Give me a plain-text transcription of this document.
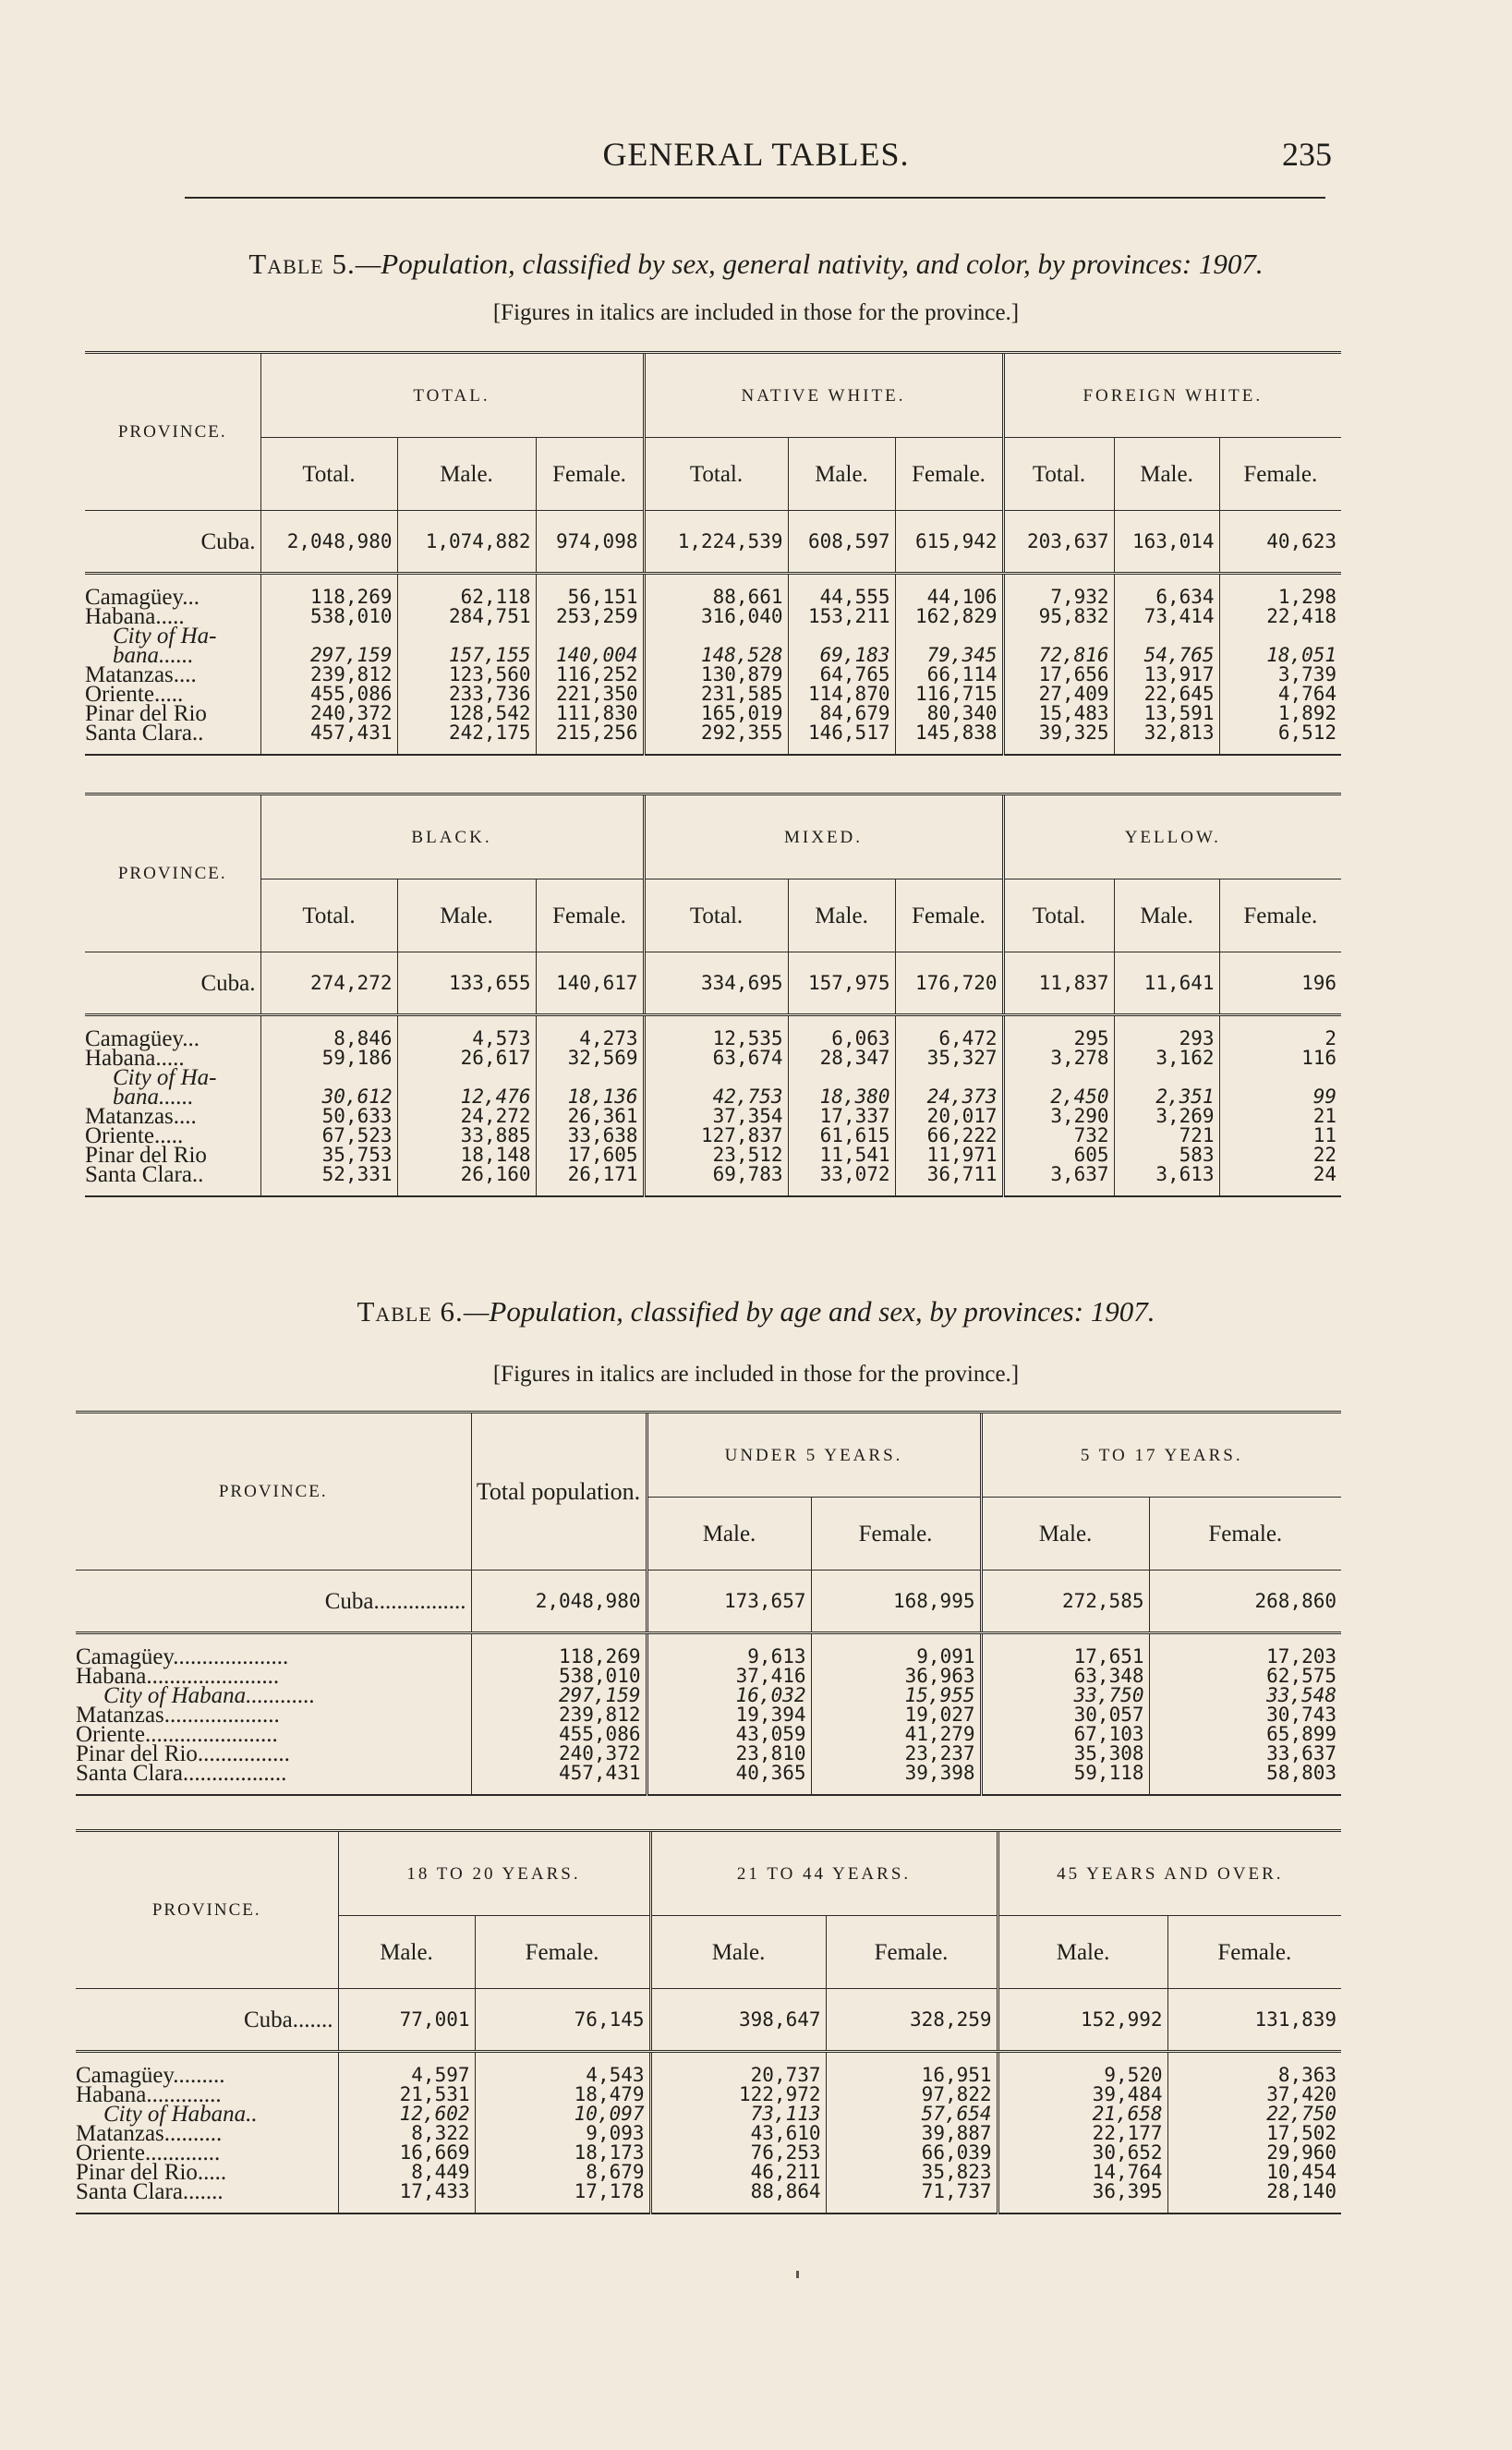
GENERAL TABLES.	235
Table 5.—Population, classified by sex, general nativity, and color, by provinces: 1907.
[Figures in italics are included in those for the province.]
PROVINCE.	TOTAL.			NATIVE WHITE.			FOREIGN WHITE.		
	Total.	Male.	Female.	Total.	Male.	Female.	Total.	Male.	Female.
Cuba.	2,048,980	1,074,882	974,098	1,224,539	608,597	615,942	203,637	163,014	40,623
Camagüey...	118,269	62,118	56,151	88,661	44,555	44,106	7,932	6,634	1,298
Habana.....	538,010	284,751	253,259	316,040	153,211	162,829	95,832	73,414	22,418
City of Ha-									
bana......	297,159	157,155	140,004	148,528	69,183	79,345	72,816	54,765	18,051
Matanzas....	239,812	123,560	116,252	130,879	64,765	66,114	17,656	13,917	3,739
Oriente.....	455,086	233,736	221,350	231,585	114,870	116,715	27,409	22,645	4,764
Pinar del Rio	240,372	128,542	111,830	165,019	84,679	80,340	15,483	13,591	1,892
Santa Clara..	457,431	242,175	215,256	292,355	146,517	145,838	39,325	32,813	6,512
PROVINCE.	BLACK.			MIXED.			YELLOW.		
	Total.	Male.	Female.	Total.	Male.	Female.	Total.	Male.	Female.
Cuba.	274,272	133,655	140,617	334,695	157,975	176,720	11,837	11,641	196
Camagüey...	8,846	4,573	4,273	12,535	6,063	6,472	295	293	2
Habana.....	59,186	26,617	32,569	63,674	28,347	35,327	3,278	3,162	116
City of Ha-									
bana......	30,612	12,476	18,136	42,753	18,380	24,373	2,450	2,351	99
Matanzas....	50,633	24,272	26,361	37,354	17,337	20,017	3,290	3,269	21
Oriente.....	67,523	33,885	33,638	127,837	61,615	66,222	732	721	11
Pinar del Rio	35,753	18,148	17,605	23,512	11,541	11,971	605	583	22
Santa Clara..	52,331	26,160	26,171	69,783	33,072	36,711	3,637	3,613	24
Table 6.—Population, classified by age and sex, by provinces: 1907.
[Figures in italics are included in those for the province.]
PROVINCE.	Total population.	UNDER 5 YEARS.		5 TO 17 YEARS.	
		Male.	Female.	Male.	Female.
Cuba................	2,048,980	173,657	168,995	272,585	268,860
Camagüey....................	118,269	9,613	9,091	17,651	17,203
Habana.......................	538,010	37,416	36,963	63,348	62,575
City of Habana............	297,159	16,032	15,955	33,750	33,548
Matanzas....................	239,812	19,394	19,027	30,057	30,743
Oriente.......................	455,086	43,059	41,279	67,103	65,899
Pinar del Rio................	240,372	23,810	23,237	35,308	33,637
Santa Clara..................	457,431	40,365	39,398	59,118	58,803
PROVINCE.	18 TO 20 YEARS.		21 TO 44 YEARS.		45 YEARS AND OVER.	
	Male.	Female.	Male.	Female.	Male.	Female.
Cuba.......	77,001	76,145	398,647	328,259	152,992	131,839
Camagüey.........	4,597	4,543	20,737	16,951	9,520	8,363
Habana.............	21,531	18,479	122,972	97,822	39,484	37,420
City of Habana..	12,602	10,097	73,113	57,654	21,658	22,750
Matanzas..........	8,322	9,093	43,610	39,887	22,177	17,502
Oriente.............	16,669	18,173	76,253	66,039	30,652	29,960
Pinar del Rio.....	8,449	8,679	46,211	35,823	14,764	10,454
Santa Clara.......	17,433	17,178	88,864	71,737	36,395	28,140
